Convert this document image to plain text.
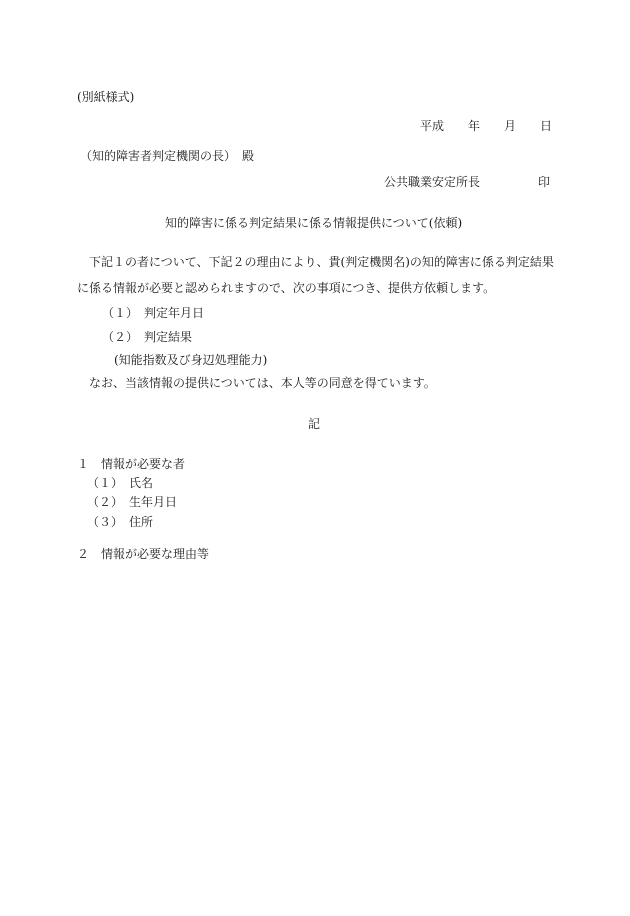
(別紙様式)
平成 年 月 日
（知的障害者判定機関の長）　殿
公共職業安定所長	印
知的障害に係る判定結果に係る情報提供について(依頼)
下記１の者について、下記２の理由により、貴(判定機関名)の知的障害に係る判定結果
に係る情報が必要と認められますので、次の事項につき、提供方依頼します。
（１）　判定年月日
（２）　判定結果
(知能指数及び身辺処理能力)
なお、当該情報の提供については、本人等の同意を得ています。
記
１　情報が必要な者
（１）　氏名
（２）　生年月日
（３）　住所
２　情報が必要な理由等
